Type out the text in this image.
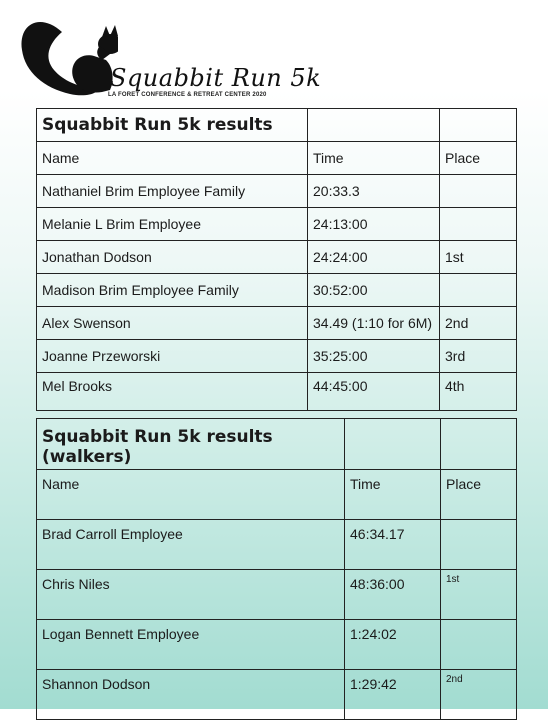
Squabbit Run 5k
LA FORET CONFERENCE & RETREAT CENTER 2020
Squabbit Run 5k results		
Name	Time	Place
Nathaniel Brim Employee Family	20:33.3	
Melanie L Brim Employee	24:13:00	
Jonathan Dodson	24:24:00	1st
Madison Brim Employee Family	30:52:00	
Alex Swenson	34.49 (1:10 for 6M)	2nd
Joanne Przeworski	35:25:00	3rd
Mel Brooks	44:45:00	4th
Squabbit Run 5k results (walkers)		
Name	Time	Place
Brad Carroll Employee	46:34.17	
Chris Niles	48:36:00	1st
Logan Bennett Employee	1:24:02	
Shannon Dodson	1:29:42	2nd
